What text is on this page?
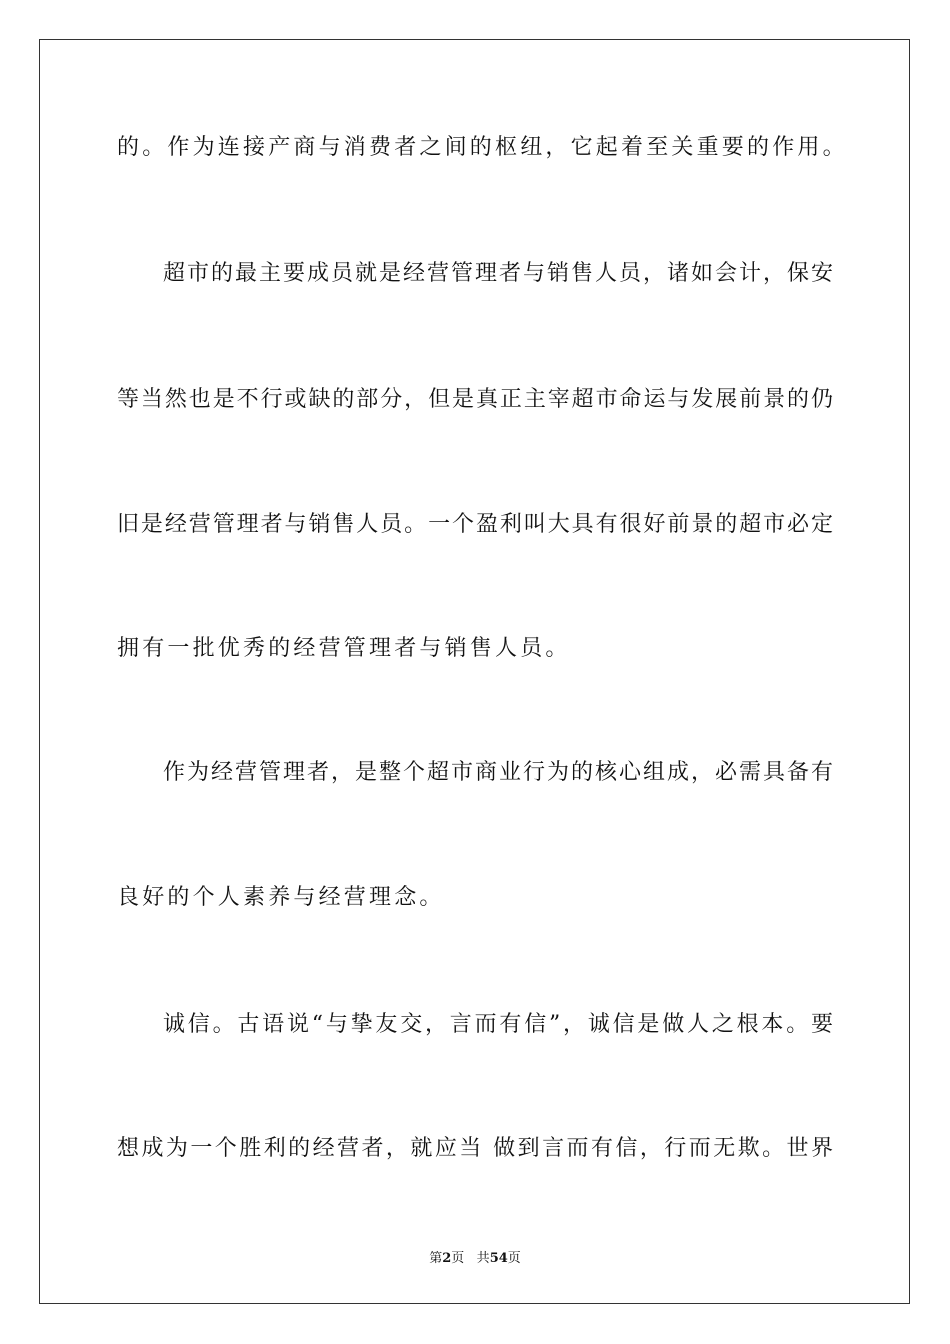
的。作为连接产商与消费者之间的枢纽，它起着至关重要的作用。
超市的最主要成员就是经营管理者与销售人员，诸如会计，保安
等当然也是不行或缺的部分，但是真正主宰超市命运与发展前景的仍
旧是经营管理者与销售人员。一个盈利叫大具有很好前景的超市必定
拥有一批优秀的经营管理者与销售人员。
作为经营管理者，是整个超市商业行为的核心组成，必需具备有
良好的个人素养与经营理念。
诚信。古语说“与挚友交，言而有信”，诚信是做人之根本。要
想成为一个胜利的经营者，就应当 做到言而有信，行而无欺。世界
第2页 共54页
